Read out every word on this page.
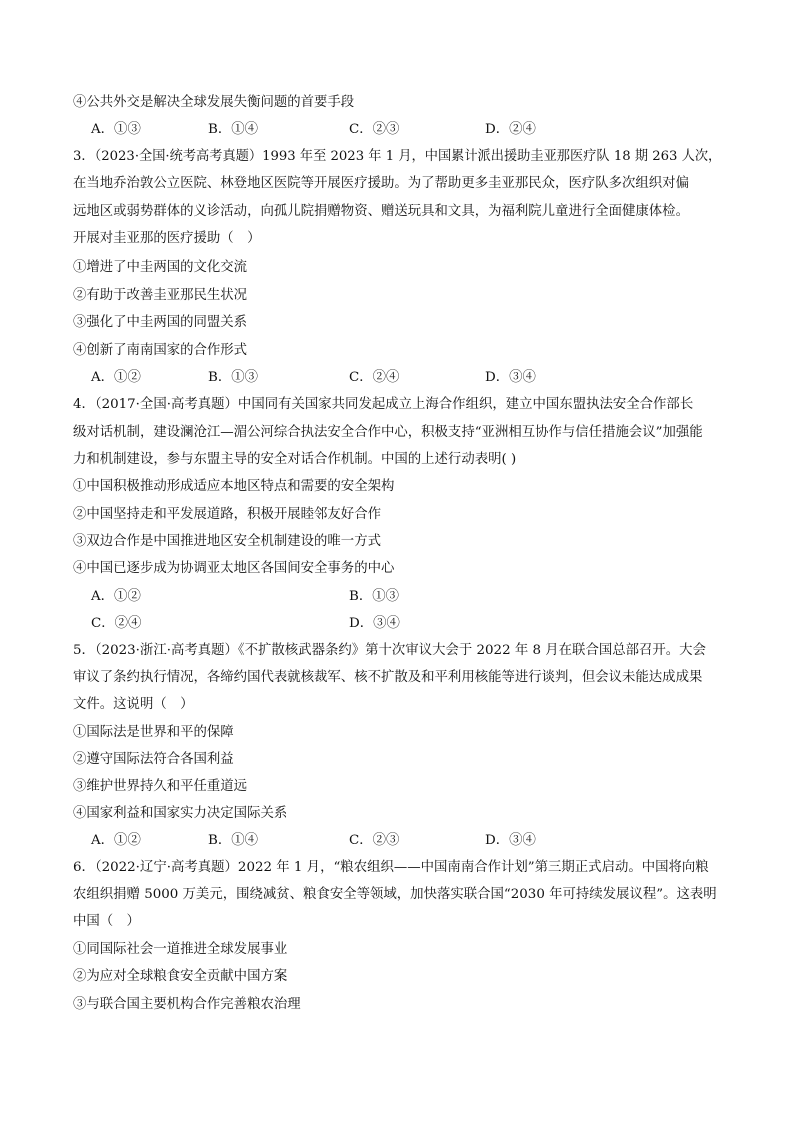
④公共外交是解决全球发展失衡问题的首要手段
A．①③	B．①④	C．②③	D．②④
3．（2023·全国·统考高考真题）1993 年至 2023 年 1 月，中国累计派出援助圭亚那医疗队 18 期 263 人次，
在当地乔治敦公立医院、林登地区医院等开展医疗援助。为了帮助更多圭亚那民众，医疗队多次组织对偏
远地区或弱势群体的义诊活动，向孤儿院捐赠物资、赠送玩具和文具，为福利院儿童进行全面健康体检。
开展对圭亚那的医疗援助（　）
①增进了中圭两国的文化交流
②有助于改善圭亚那民生状况
③强化了中圭两国的同盟关系
④创新了南南国家的合作形式
A．①②	B．①③	C．②④	D．③④
4．（2017·全国·高考真题）中国同有关国家共同发起成立上海合作组织，建立中国东盟执法安全合作部长
级对话机制，建设澜沧江—湄公河综合执法安全合作中心，积极支持“亚洲相互协作与信任措施会议”加强能
力和机制建设，参与东盟主导的安全对话合作机制。中国的上述行动表明( )
①中国积极推动形成适应本地区特点和需要的安全架构
②中国坚持走和平发展道路，积极开展睦邻友好合作
③双边合作是中国推进地区安全机制建设的唯一方式
④中国已逐步成为协调亚太地区各国间安全事务的中心
A．①②	B．①③
C．②④	D．③④
5．（2023·浙江·高考真题）《不扩散核武器条约》第十次审议大会于 2022 年 8 月在联合国总部召开。大会
审议了条约执行情况，各缔约国代表就核裁军、核不扩散及和平利用核能等进行谈判，但会议未能达成成果
文件。这说明（　）
①国际法是世界和平的保障
②遵守国际法符合各国利益
③维护世界持久和平任重道远
④国家利益和国家实力决定国际关系
A．①②	B．①④	C．②③	D．③④
6．（2022·辽宁·高考真题）2022 年 1 月，“粮农组织——中国南南合作计划”第三期正式启动。中国将向粮
农组织捐赠 5000 万美元，围绕减贫、粮食安全等领域，加快落实联合国“2030 年可持续发展议程”。这表明
中国（　）
①同国际社会一道推进全球发展事业
②为应对全球粮食安全贡献中国方案
③与联合国主要机构合作完善粮农治理
